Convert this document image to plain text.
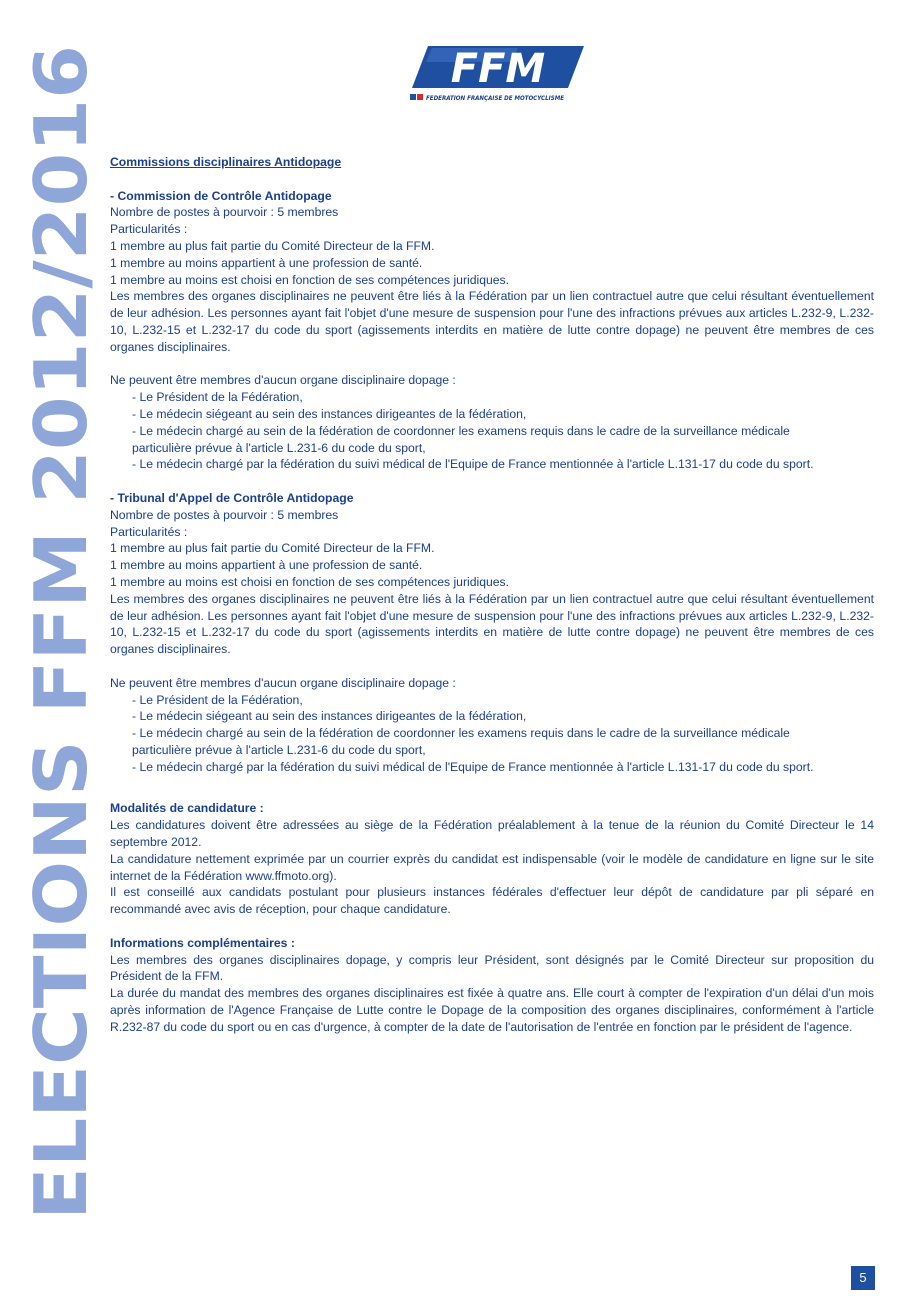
ELECTIONS FFM 2012/2016
FFM
FEDERATION FRANÇAISE DE MOTOCYCLISME

Commissions disciplinaires Antidopage

- Commission de Contrôle Antidopage

Nombre de postes à pourvoir : 5 membres

Particularités :

1 membre au plus fait partie du Comité Directeur de la FFM.

1 membre au moins appartient à une profession de santé.

1 membre au moins est choisi en fonction de ses compétences juridiques.

Les membres des organes disciplinaires ne peuvent être liés à la Fédération par un lien contractuel autre que celui résultant éventuellement de leur adhésion. Les personnes ayant fait l'objet d'une mesure de suspension pour l'une des infractions prévues aux articles L.232-9, L.232-10, L.232-15 et L.232-17 du code du sport (agissements interdits en matière de lutte contre dopage) ne peuvent être membres de ces organes disciplinaires.

Ne peuvent être membres d'aucun organe disciplinaire dopage :

- Le Président de la Fédération,

- Le médecin siégeant au sein des instances dirigeantes de la fédération,

- Le médecin chargé au sein de la fédération de coordonner les examens requis dans le cadre de la surveillance médicale

particulière prévue à l'article L.231-6 du code du sport,

- Le médecin chargé par la fédération du suivi médical de l'Equipe de France mentionnée à l'article L.131-17 du code du sport.

- Tribunal d'Appel de Contrôle Antidopage

Nombre de postes à pourvoir : 5 membres

Particularités :

1 membre au plus fait partie du Comité Directeur de la FFM.

1 membre au moins appartient à une profession de santé.

1 membre au moins est choisi en fonction de ses compétences juridiques.

Les membres des organes disciplinaires ne peuvent être liés à la Fédération par un lien contractuel autre que celui résultant éventuellement de leur adhésion. Les personnes ayant fait l'objet d'une mesure de suspension pour l'une des infractions prévues aux articles L.232-9, L.232-10, L.232-15 et L.232-17 du code du sport (agissements interdits en matière de lutte contre dopage) ne peuvent être membres de ces organes disciplinaires.

Ne peuvent être membres d'aucun organe disciplinaire dopage :

- Le Président de la Fédération,

- Le médecin siégeant au sein des instances dirigeantes de la fédération,

- Le médecin chargé au sein de la fédération de coordonner les examens requis dans le cadre de la surveillance médicale

particulière prévue à l'article L.231-6 du code du sport,

- Le médecin chargé par la fédération du suivi médical de l'Equipe de France mentionnée à l'article L.131-17 du code du sport.

Modalités de candidature :

Les candidatures doivent être adressées au siège de la Fédération préalablement à la tenue de la réunion du Comité Directeur le 14 septembre 2012.

La candidature nettement exprimée par un courrier exprès du candidat est indispensable (voir le modèle de candidature en ligne sur le site internet de la Fédération www.ffmoto.org).

Il est conseillé aux candidats postulant pour plusieurs instances fédérales d'effectuer leur dépôt de candidature par pli séparé en recommandé avec avis de réception, pour chaque candidature.

Informations complémentaires :

Les membres des organes disciplinaires dopage, y compris leur Président, sont désignés par le Comité Directeur sur proposition du Président de la FFM.

La durée du mandat des membres des organes disciplinaires est fixée à quatre ans. Elle court à compter de l'expiration d'un délai d'un mois après information de l'Agence Française de Lutte contre le Dopage de la composition des organes disciplinaires, conformément à l'article R.232-87 du code du sport ou en cas d'urgence, à compter de la date de l'autorisation de l'entrée en fonction par le président de l'agence.

5
